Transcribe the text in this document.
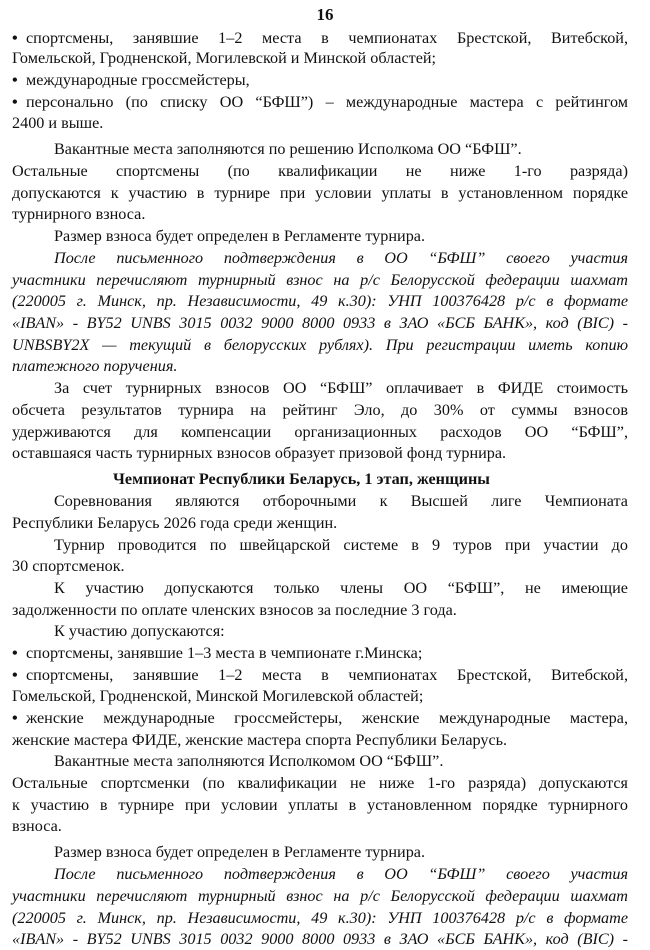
16
• спортсмены, занявшие 1–2 места в чемпионатах Брестской, Витебской,
Гомельской, Гродненской, Могилевской и Минской областей;
• международные гроссмейстеры,
• персонально (по списку ОО “БФШ”) – международные мастера с рейтингом
2400 и выше.
Вакантные места заполняются по решению Исполкома ОО “БФШ”.
Остальные спортсмены (по квалификации не ниже 1-го разряда)
допускаются к участию в турнире при условии уплаты в установленном порядке
турнирного взноса.
Размер взноса будет определен в Регламенте турнира.
После письменного подтверждения в ОО “БФШ” своего участия
участники перечисляют турнирный взнос на р/с Белорусской федерации шахмат
(220005 г. Минск, пр. Независимости, 49 к.30): УНП 100376428 р/с в формате
«IBAN» - BY52 UNBS 3015 0032 9000 8000 0933 в ЗАО «БСБ БАНК», код (BIC) -
UNBSBY2X — текущий в белорусских рублях). При регистрации иметь копию
платежного поручения.
За счет турнирных взносов ОО “БФШ” оплачивает в ФИДЕ стоимость
обсчета результатов турнира на рейтинг Эло, до 30% от суммы взносов
удерживаются для компенсации организационных расходов ОО “БФШ”,
оставшаяся часть турнирных взносов образует призовой фонд турнира.
Чемпионат Республики Беларусь, 1 этап, женщины
Соревнования являются отборочными к Высшей лиге Чемпионата
Республики Беларусь 2026 года среди женщин.
Турнир проводится по швейцарской системе в 9 туров при участии до
30 спортсменок.
К участию допускаются только члены ОО “БФШ”, не имеющие
задолженности по оплате членских взносов за последние 3 года.
К участию допускаются:
• спортсмены, занявшие 1–3 места в чемпионате г.Минска;
• спортсмены, занявшие 1–2 места в чемпионатах Брестской, Витебской,
Гомельской, Гродненской, Минской Могилевской областей;
• женские международные гроссмейстеры, женские международные мастера,
женские мастера ФИДЕ, женские мастера спорта Республики Беларусь.
Вакантные места заполняются Исполкомом ОО “БФШ”.
Остальные спортсменки (по квалификации не ниже 1-го разряда) допускаются
к участию в турнире при условии уплаты в установленном порядке турнирного
взноса.
Размер взноса будет определен в Регламенте турнира.
После письменного подтверждения в ОО “БФШ” своего участия
участники перечисляют турнирный взнос на р/с Белорусской федерации шахмат
(220005 г. Минск, пр. Независимости, 49 к.30): УНП 100376428 р/с в формате
«IBAN» - BY52 UNBS 3015 0032 9000 8000 0933 в ЗАО «БСБ БАНК», код (BIC) -
